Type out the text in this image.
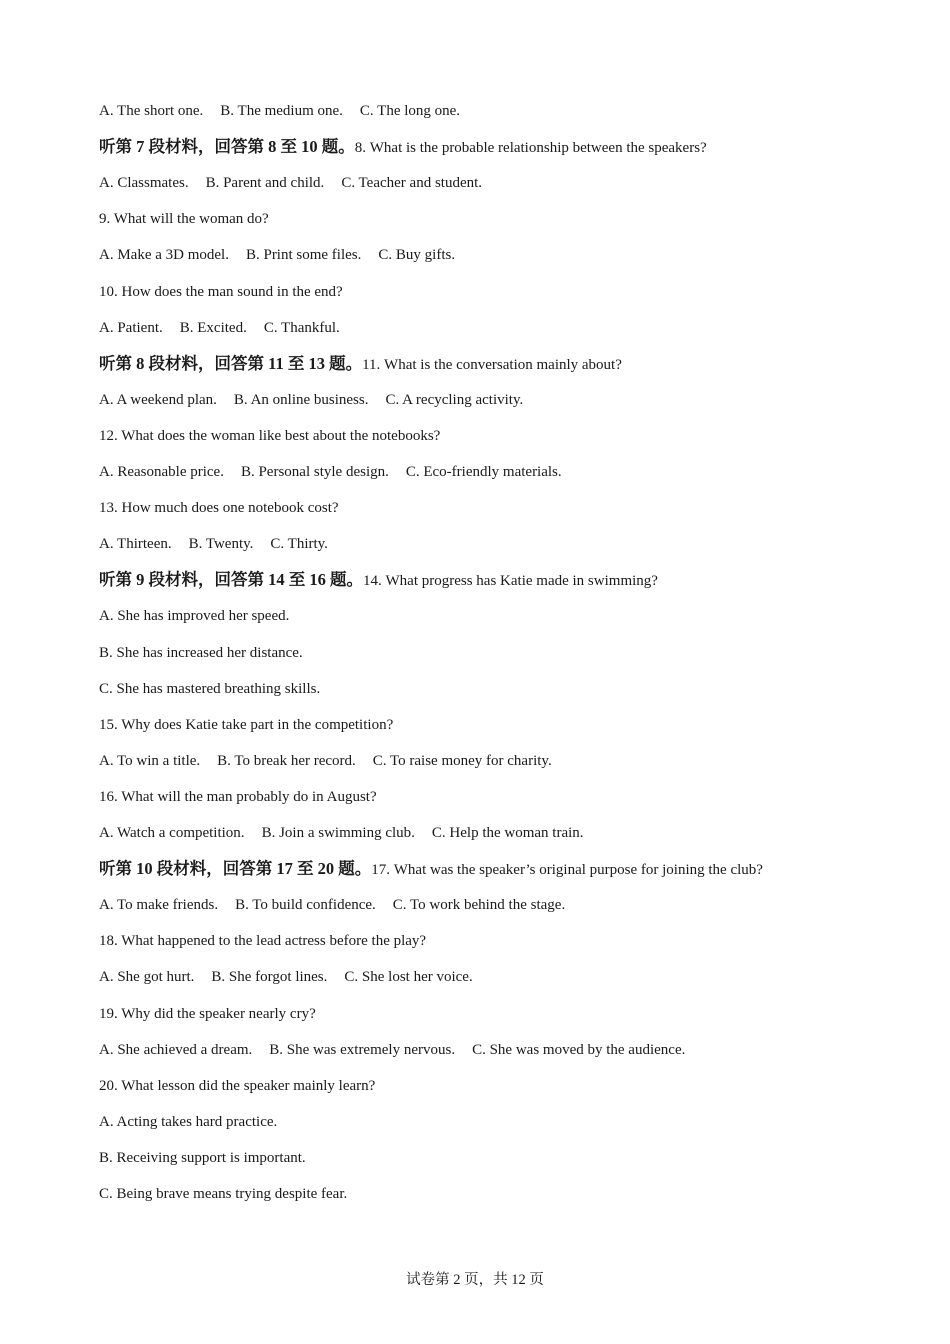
A. The short one. B. The medium one. C. The long one.
听第 7 段材料，回答第 8 至 10 题。8. What is the probable relationship between the speakers?
A. Classmates. B. Parent and child. C. Teacher and student.
9. What will the woman do?
A. Make a 3D model. B. Print some files. C. Buy gifts.
10. How does the man sound in the end?
A. Patient. B. Excited. C. Thankful.
听第 8 段材料，回答第 11 至 13 题。11. What is the conversation mainly about?
A. A weekend plan. B. An online business. C. A recycling activity.
12. What does the woman like best about the notebooks?
A. Reasonable price. B. Personal style design. C. Eco-friendly materials.
13. How much does one notebook cost?
A. Thirteen. B. Twenty. C. Thirty.
听第 9 段材料，回答第 14 至 16 题。14. What progress has Katie made in swimming?
A. She has improved her speed.
B. She has increased her distance.
C. She has mastered breathing skills.
15. Why does Katie take part in the competition?
A. To win a title. B. To break her record. C. To raise money for charity.
16. What will the man probably do in August?
A. Watch a competition. B. Join a swimming club. C. Help the woman train.
听第 10 段材料，回答第 17 至 20 题。17. What was the speaker’s original purpose for joining the club?
A. To make friends. B. To build confidence. C. To work behind the stage.
18. What happened to the lead actress before the play?
A. She got hurt. B. She forgot lines. C. She lost her voice.
19. Why did the speaker nearly cry?
A. She achieved a dream. B. She was extremely nervous. C. She was moved by the audience.
20. What lesson did the speaker mainly learn?
A. Acting takes hard practice.
B. Receiving support is important.
C. Being brave means trying despite fear.
试卷第 2 页，共 12 页
